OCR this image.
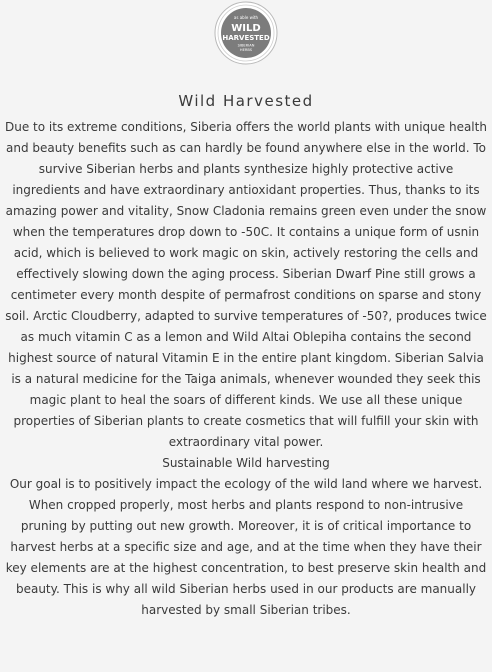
as able with
WILD
HARVESTED
SIBERIAN
HERBS
Wild Harvested

Due to its extreme conditions, Siberia offers the world plants with unique health and beauty benefits such as can hardly be found anywhere else in the world. To survive Siberian herbs and plants synthesize highly protective active ingredients and have extraordinary antioxidant properties. Thus, thanks to its amazing power and vitality, Snow Cladonia remains green even under the snow when the temperatures drop down to -50C. It contains a unique form of usnin acid, which is believed to work magic on skin, actively restoring the cells and effectively slowing down the aging process. Siberian Dwarf Pine still grows a centimeter every month despite of permafrost conditions on sparse and stony soil. Arctic Cloudberry, adapted to survive temperatures of -50?, produces twice as much vitamin C as a lemon and Wild Altai Oblepiha contains the second highest source of natural Vitamin E in the entire plant kingdom. Siberian Salvia is a natural medicine for the Taiga animals, whenever wounded they seek this magic plant to heal the soars of different kinds. We use all these unique properties of Siberian plants to create cosmetics that will fulfill your skin with extraordinary vital power.

Sustainable Wild harvesting

Our goal is to positively impact the ecology of the wild land where we harvest. When cropped properly, most herbs and plants respond to non-intrusive pruning by putting out new growth. Moreover, it is of critical importance to harvest herbs at a specific size and age, and at the time when they have their key elements are at the highest concentration, to best preserve skin health and beauty. This is why all wild Siberian herbs used in our products are manually harvested by small Siberian tribes.
